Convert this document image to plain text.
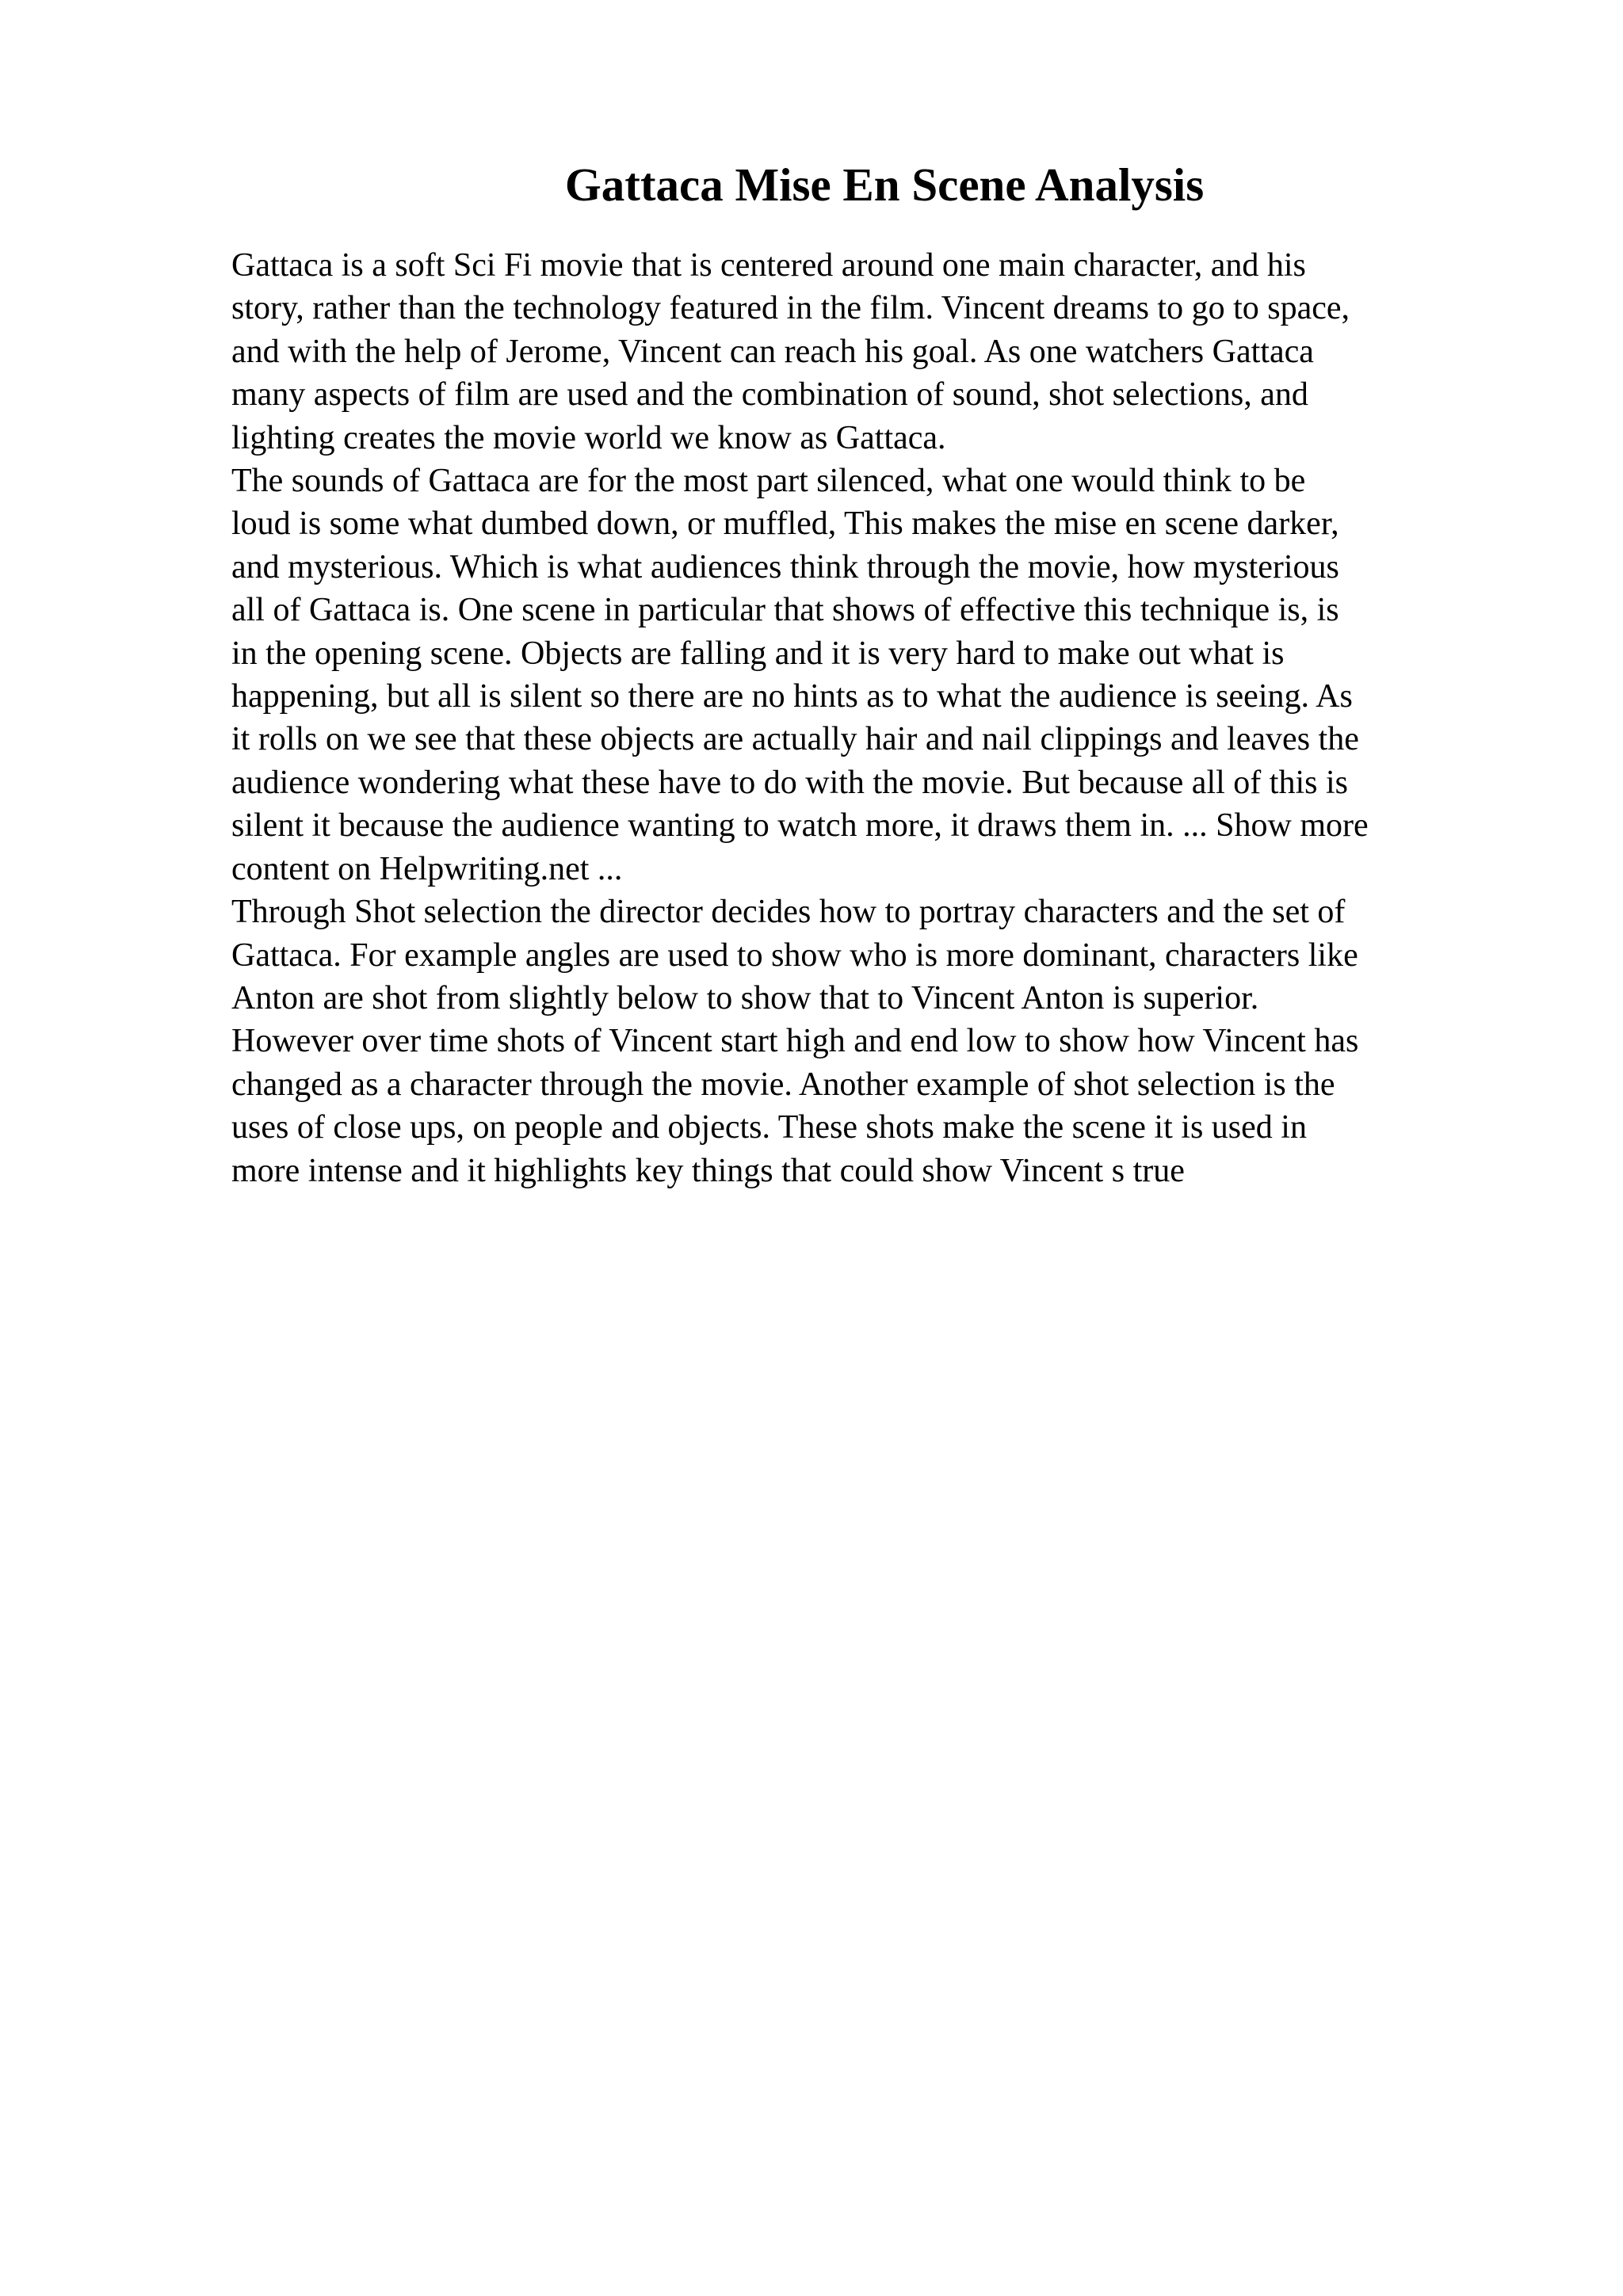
Gattaca Mise En Scene Analysis

Gattaca is a soft Sci Fi movie that is centered around one main character, and his
story, rather than the technology featured in the film. Vincent dreams to go to space,
and with the help of Jerome, Vincent can reach his goal. As one watchers Gattaca
many aspects of film are used and the combination of sound, shot selections, and
lighting creates the movie world we know as Gattaca.

The sounds of Gattaca are for the most part silenced, what one would think to be
loud is some what dumbed down, or muffled, This makes the mise en scene darker,
and mysterious. Which is what audiences think through the movie, how mysterious
all of Gattaca is. One scene in particular that shows of effective this technique is, is
in the opening scene. Objects are falling and it is very hard to make out what is
happening, but all is silent so there are no hints as to what the audience is seeing. As
it rolls on we see that these objects are actually hair and nail clippings and leaves the
audience wondering what these have to do with the movie. But because all of this is
silent it because the audience wanting to watch more, it draws them in. ... Show more
content on Helpwriting.net ...

Through Shot selection the director decides how to portray characters and the set of
Gattaca. For example angles are used to show who is more dominant, characters like
Anton are shot from slightly below to show that to Vincent Anton is superior.
However over time shots of Vincent start high and end low to show how Vincent has
changed as a character through the movie. Another example of shot selection is the
uses of close ups, on people and objects. These shots make the scene it is used in
more intense and it highlights key things that could show Vincent s true
